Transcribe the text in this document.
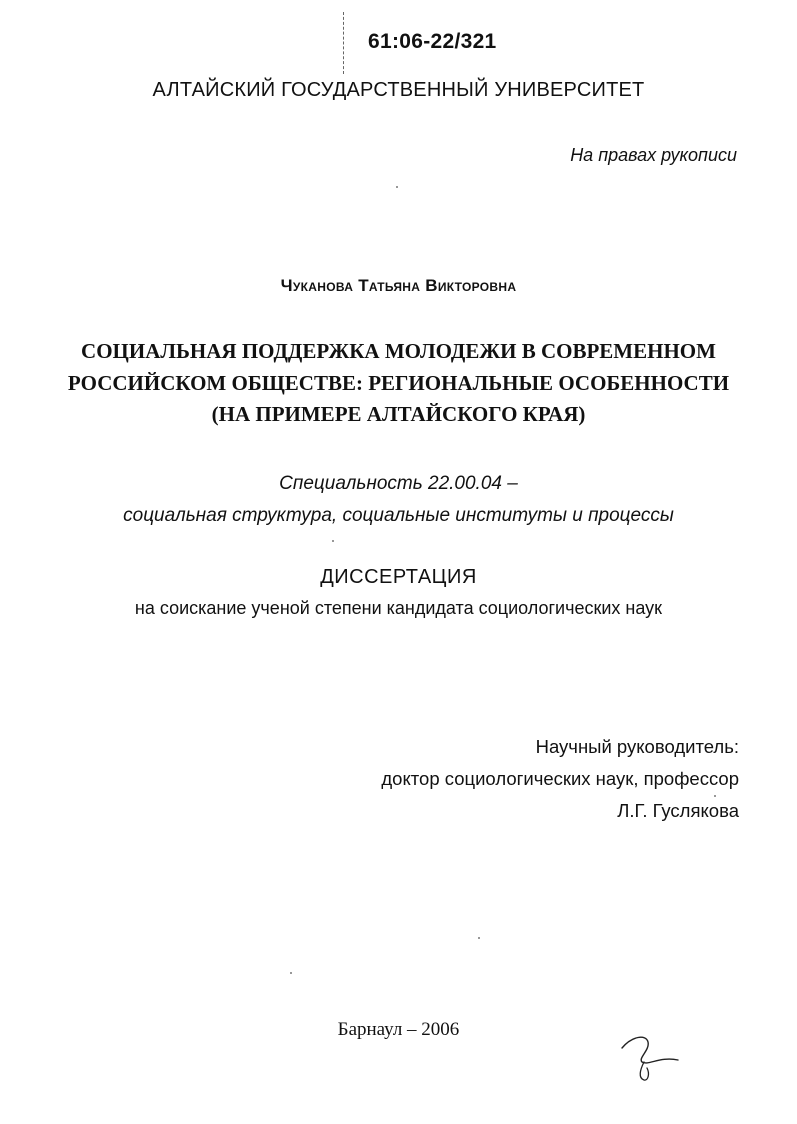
61:06-22/321
АЛТАЙСКИЙ ГОСУДАРСТВЕННЫЙ УНИВЕРСИТЕТ
На правах рукописи
Чуканова Татьяна Викторовна
СОЦИАЛЬНАЯ ПОДДЕРЖКА МОЛОДЕЖИ В СОВРЕМЕННОМ
РОССИЙСКОМ ОБЩЕСТВЕ: РЕГИОНАЛЬНЫЕ ОСОБЕННОСТИ
(НА ПРИМЕРЕ АЛТАЙСКОГО КРАЯ)
Специальность 22.00.04 –
социальная структура, социальные институты и процессы
ДИССЕРТАЦИЯ
на соискание ученой степени кандидата социологических наук
Научный руководитель:
доктор социологических наук, профессор
Л.Г. Гуслякова
Барнаул – 2006
